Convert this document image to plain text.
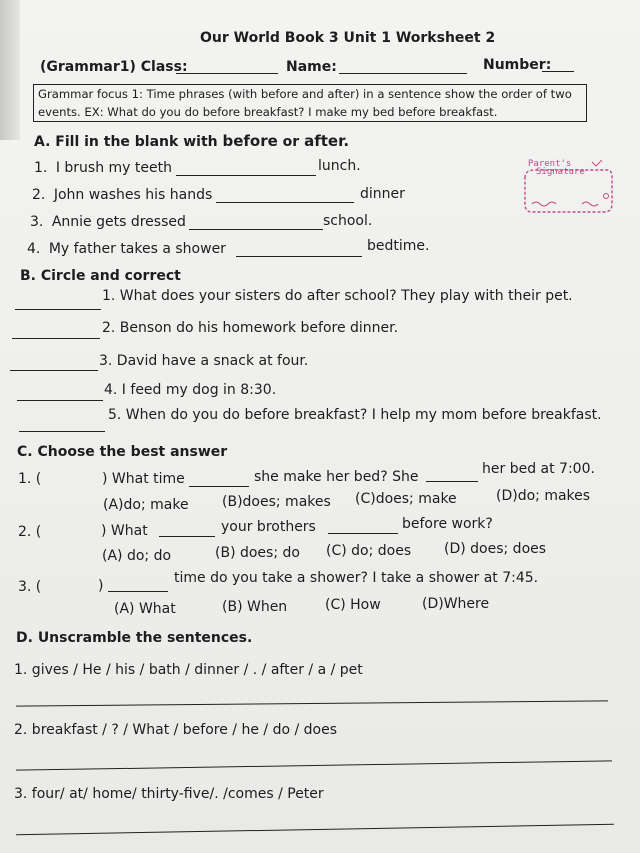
Our World Book 3 Unit 1 Worksheet 2
(Grammar1) Class:	Name:	Number:
Grammar focus 1: Time phrases (with before and after) in a sentence show the order of two
events. EX: What do you do before breakfast? I make my bed before breakfast.
A. Fill in the blank with before or after.
1. I brush my teeth	lunch.
2. John washes his hands	dinner
3. Annie gets dressed	school.
4. My father takes a shower	bedtime.
Parent's
Signature
B. Circle and correct
1. What does your sisters do after school? They play with their pet.
2. Benson do his homework before dinner.
3. David have a snack at four.
4. I feed my dog in 8:30.
5. When do you do before breakfast? I help my mom before breakfast.
C. Choose the best answer
1. (	) What time	she make her bed? She	her bed at 7:00.
(A)do; make (B)does; makes (C)does; make	(D)do; makes
2. (	) What	your brothers	before work?
(A) do; do	(B) does; do (C) do; does (D) does; does
3. (	)	time do you take a shower? I take a shower at 7:45.
(A) What	(B) When	(C) How	(D)Where
D. Unscramble the sentences.
1. gives / He / his / bath / dinner / . / after / a / pet
2. breakfast / ? / What / before / he / do / does
3. four/ at/ home/ thirty-five/. /comes / Peter
